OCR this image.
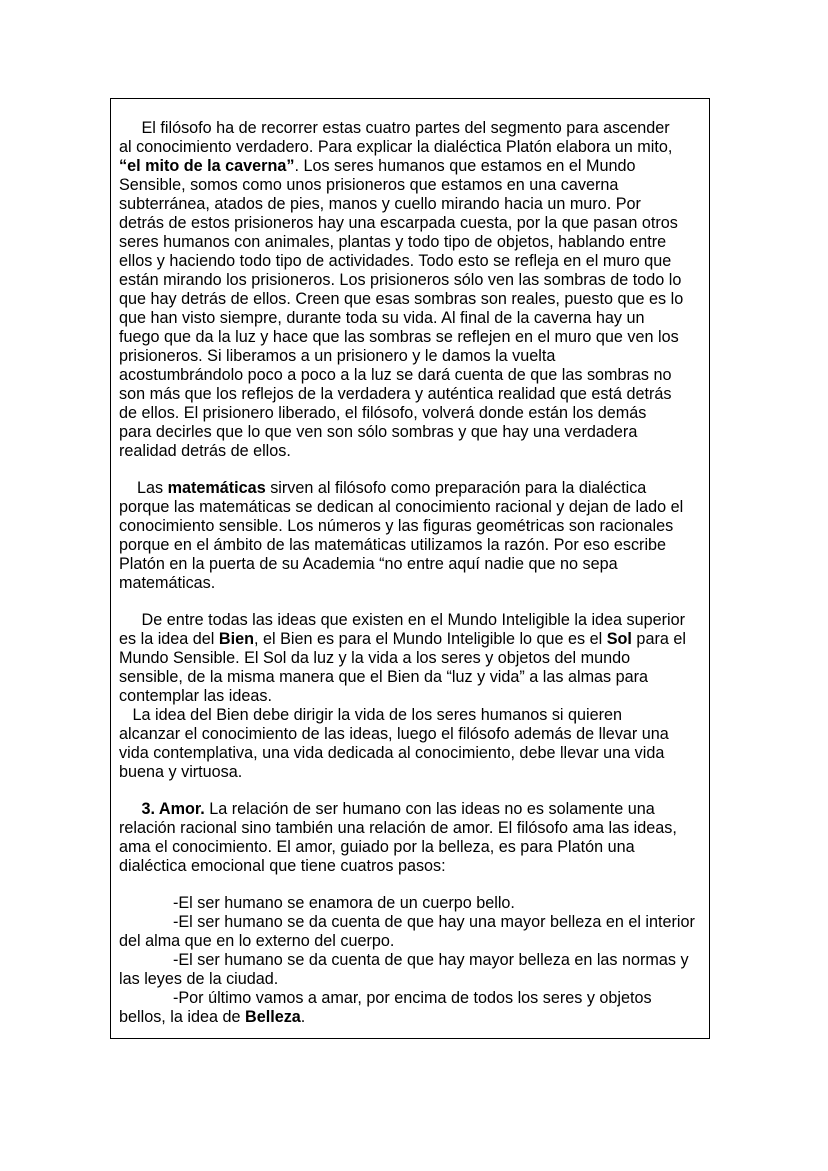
El filósofo ha de recorrer estas cuatro partes del segmento para ascender
al conocimiento verdadero. Para explicar la dialéctica Platón elabora un mito,
“el mito de la caverna”. Los seres humanos que estamos en el Mundo
Sensible, somos como unos prisioneros que estamos en una caverna
subterránea, atados de pies, manos y cuello mirando hacia un muro. Por
detrás de estos prisioneros hay una escarpada cuesta, por la que pasan otros
seres humanos con animales, plantas y todo tipo de objetos, hablando entre
ellos y haciendo todo tipo de actividades. Todo esto se refleja en el muro que
están mirando los prisioneros. Los prisioneros sólo ven las sombras de todo lo
que hay detrás de ellos. Creen que esas sombras son reales, puesto que es lo
que han visto siempre, durante toda su vida. Al final de la caverna hay un
fuego que da la luz y hace que las sombras se reflejen en el muro que ven los
prisioneros. Si liberamos a un prisionero y le damos la vuelta
acostumbrándolo poco a poco a la luz se dará cuenta de que las sombras no
son más que los reflejos de la verdadera y auténtica realidad que está detrás
de ellos. El prisionero liberado, el filósofo, volverá donde están los demás
para decirles que lo que ven son sólo sombras y que hay una verdadera
realidad detrás de ellos.
Las matemáticas sirven al filósofo como preparación para la dialéctica
porque las matemáticas se dedican al conocimiento racional y dejan de lado el
conocimiento sensible. Los números y las figuras geométricas son racionales
porque en el ámbito de las matemáticas utilizamos la razón. Por eso escribe
Platón en la puerta de su Academia “no entre aquí nadie que no sepa
matemáticas.
De entre todas las ideas que existen en el Mundo Inteligible la idea superior
es la idea del Bien, el Bien es para el Mundo Inteligible lo que es el Sol para el
Mundo Sensible. El Sol da luz y la vida a los seres y objetos del mundo
sensible, de la misma manera que el Bien da “luz y vida” a las almas para
contemplar las ideas.
La idea del Bien debe dirigir la vida de los seres humanos si quieren
alcanzar el conocimiento de las ideas, luego el filósofo además de llevar una
vida contemplativa, una vida dedicada al conocimiento, debe llevar una vida
buena y virtuosa.
3. Amor. La relación de ser humano con las ideas no es solamente una
relación racional sino también una relación de amor. El filósofo ama las ideas,
ama el conocimiento. El amor, guiado por la belleza, es para Platón una
dialéctica emocional que tiene cuatros pasos:
-El ser humano se enamora de un cuerpo bello.
-El ser humano se da cuenta de que hay una mayor belleza en el interior
del alma que en lo externo del cuerpo.
-El ser humano se da cuenta de que hay mayor belleza en las normas y
las leyes de la ciudad.
-Por último vamos a amar, por encima de todos los seres y objetos
bellos, la idea de Belleza.
